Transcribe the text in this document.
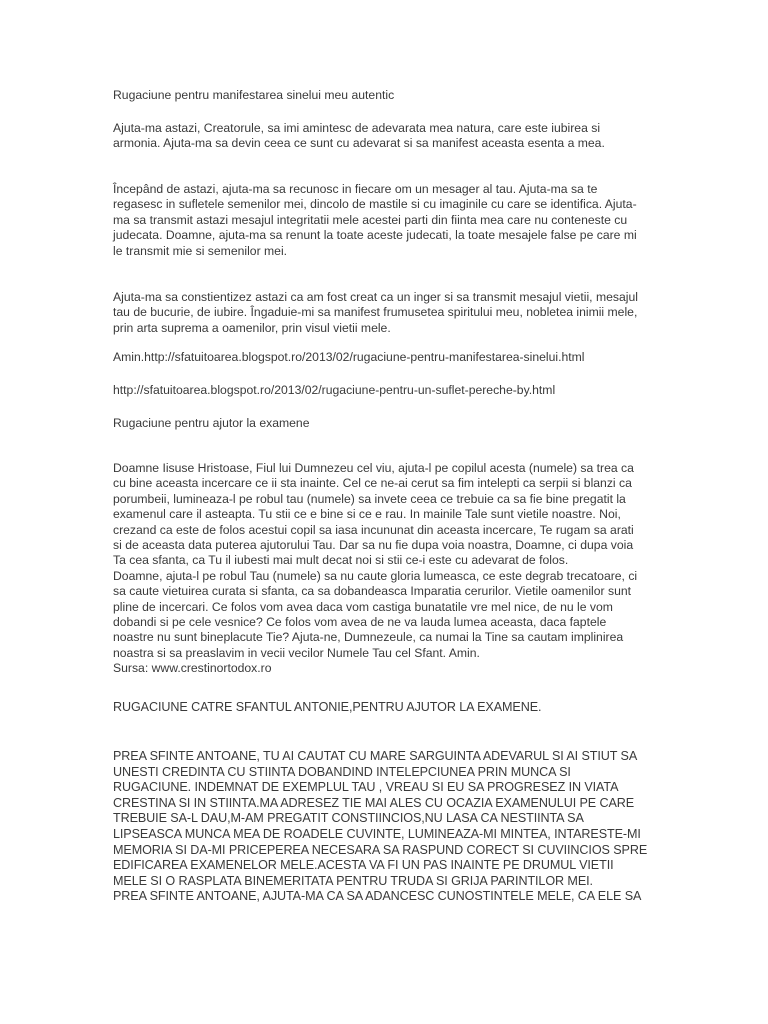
Rugaciune pentru manifestarea sinelui meu autentic

Ajuta-ma astazi, Creatorule, sa imi amintesc de adevarata mea natura, care este iubirea si
armonia. Ajuta-ma sa devin ceea ce sunt cu adevarat si sa manifest aceasta esenta a mea.

Începând de astazi, ajuta-ma sa recunosc in fiecare om un mesager al tau. Ajuta-ma sa te
regasesc in sufletele semenilor mei, dincolo de mastile si cu imaginile cu care se identifica. Ajuta-
ma sa transmit astazi mesajul integritatii mele acestei parti din fiinta mea care nu conteneste cu
judecata. Doamne, ajuta-ma sa renunt la toate aceste judecati, la toate mesajele false pe care mi
le transmit mie si semenilor mei.

Ajuta-ma sa constientizez astazi ca am fost creat ca un inger si sa transmit mesajul vietii, mesajul
tau de bucurie, de iubire. Îngaduie-mi sa manifest frumusetea spiritului meu, nobletea inimii mele,
prin arta suprema a oamenilor, prin visul vietii mele.

Amin.http://sfatuitoarea.blogspot.ro/2013/02/rugaciune-pentru-manifestarea-sinelui.html

http://sfatuitoarea.blogspot.ro/2013/02/rugaciune-pentru-un-suflet-pereche-by.html

Rugaciune pentru ajutor la examene

Doamne Iisuse Hristoase, Fiul lui Dumnezeu cel viu, ajuta-l pe copilul acesta (numele) sa trea ca
cu bine aceasta incercare ce ii sta inainte. Cel ce ne-ai cerut sa fim intelepti ca serpii si blanzi ca
porumbeii, lumineaza-l pe robul tau (numele) sa invete ceea ce trebuie ca sa fie bine pregatit la
examenul care il asteapta. Tu stii ce e bine si ce e rau. In mainile Tale sunt vietile noastre. Noi,
crezand ca este de folos acestui copil sa iasa incununat din aceasta incercare, Te rugam sa arati
si de aceasta data puterea ajutorului Tau. Dar sa nu fie dupa voia noastra, Doamne, ci dupa voia
Ta cea sfanta, ca Tu il iubesti mai mult decat noi si stii ce-i este cu adevarat de folos.
Doamne, ajuta-l pe robul Tau (numele) sa nu caute gloria lumeasca, ce este degrab trecatoare, ci
sa caute vietuirea curata si sfanta, ca sa dobandeasca Imparatia cerurilor. Vietile oamenilor sunt
pline de incercari. Ce folos vom avea daca vom castiga bunatatile vre mel nice, de nu le vom
dobandi si pe cele vesnice? Ce folos vom avea de ne va lauda lumea aceasta, daca faptele
noastre nu sunt bineplacute Tie? Ajuta-ne, Dumnezeule, ca numai la Tine sa cautam implinirea
noastra si sa preaslavim in vecii vecilor Numele Tau cel Sfant. Amin.
Sursa: www.crestinortodox.ro

RUGACIUNE CATRE SFANTUL ANTONIE,PENTRU AJUTOR LA EXAMENE.

PREA SFINTE ANTOANE, TU AI CAUTAT CU MARE SARGUINTA ADEVARUL SI AI STIUT SA
UNESTI CREDINTA CU STIINTA DOBANDIND INTELEPCIUNEA PRIN MUNCA SI
RUGACIUNE. INDEMNAT DE EXEMPLUL TAU , VREAU SI EU SA PROGRESEZ IN VIATA
CRESTINA SI IN STIINTA.MA ADRESEZ TIE MAI ALES CU OCAZIA EXAMENULUI PE CARE
TREBUIE SA-L DAU,M-AM PREGATIT CONSTIINCIOS,NU LASA CA NESTIINTA SA
LIPSEASCA MUNCA MEA DE ROADELE CUVINTE, LUMINEAZA-MI MINTEA, INTARESTE-MI
MEMORIA SI DA-MI PRICEPEREA NECESARA SA RASPUND CORECT SI CUVIINCIOS SPRE
EDIFICAREA EXAMENELOR MELE.ACESTA VA FI UN PAS INAINTE PE DRUMUL VIETII
MELE SI O RASPLATA BINEMERITATA PENTRU TRUDA SI GRIJA PARINTILOR MEI.
PREA SFINTE ANTOANE, AJUTA-MA CA SA ADANCESC CUNOSTINTELE MELE, CA ELE SA
